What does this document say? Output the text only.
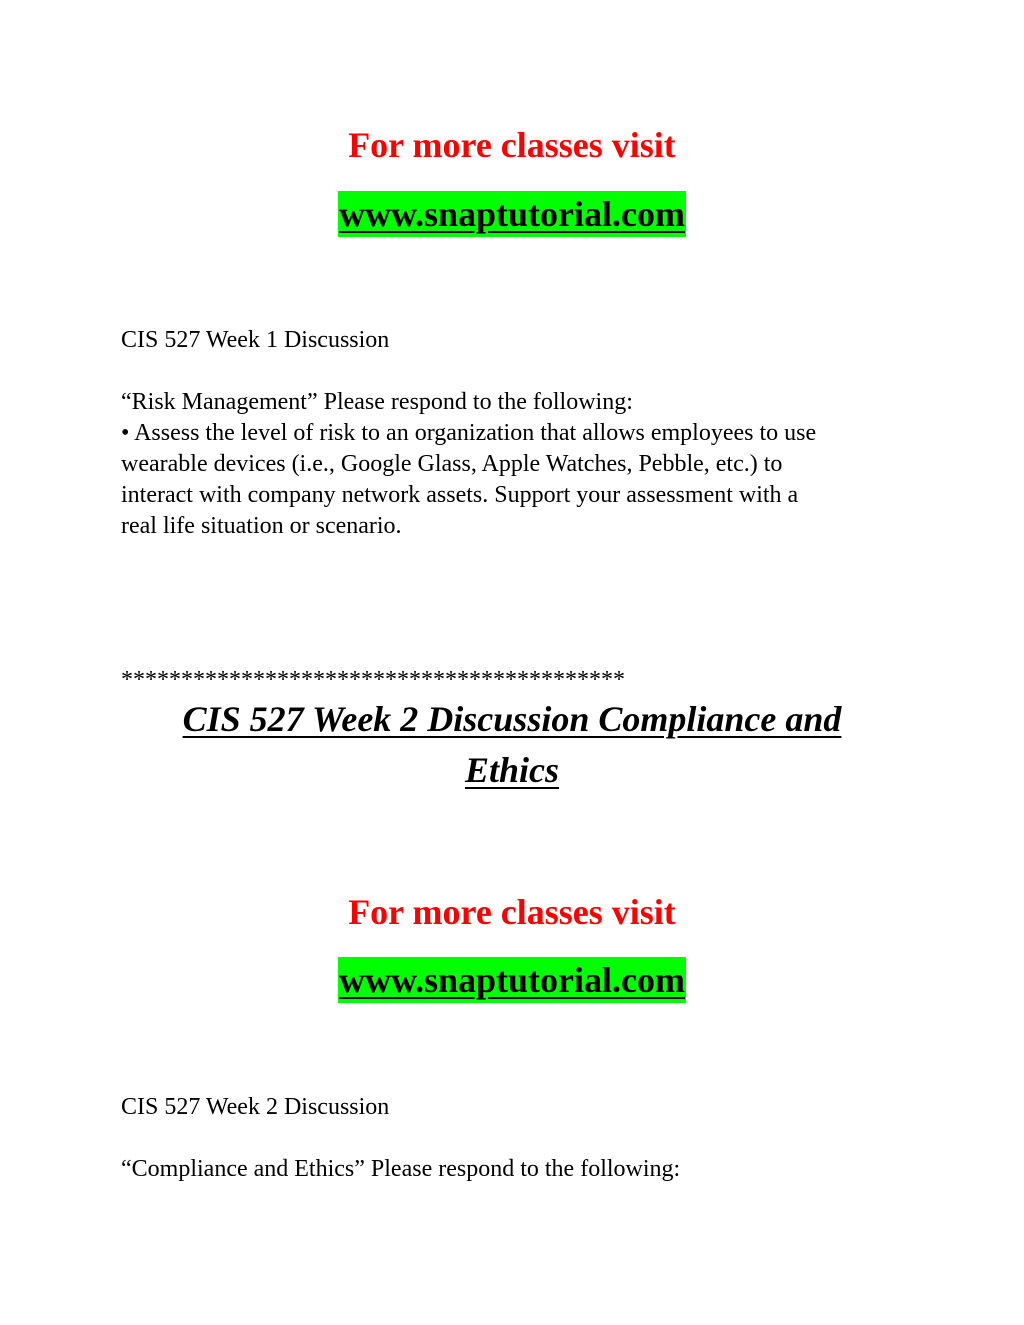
For more classes visit
www.snaptutorial.com
CIS 527 Week 1 Discussion
“Risk Management” Please respond to the following:
• Assess the level of risk to an organization that allows employees to use
wearable devices (i.e., Google Glass, Apple Watches, Pebble, etc.) to
interact with company network assets. Support your assessment with a
real life situation or scenario.
******************************************
CIS 527 Week 2 Discussion Compliance and
Ethics
For more classes visit
www.snaptutorial.com
CIS 527 Week 2 Discussion
“Compliance and Ethics” Please respond to the following:
